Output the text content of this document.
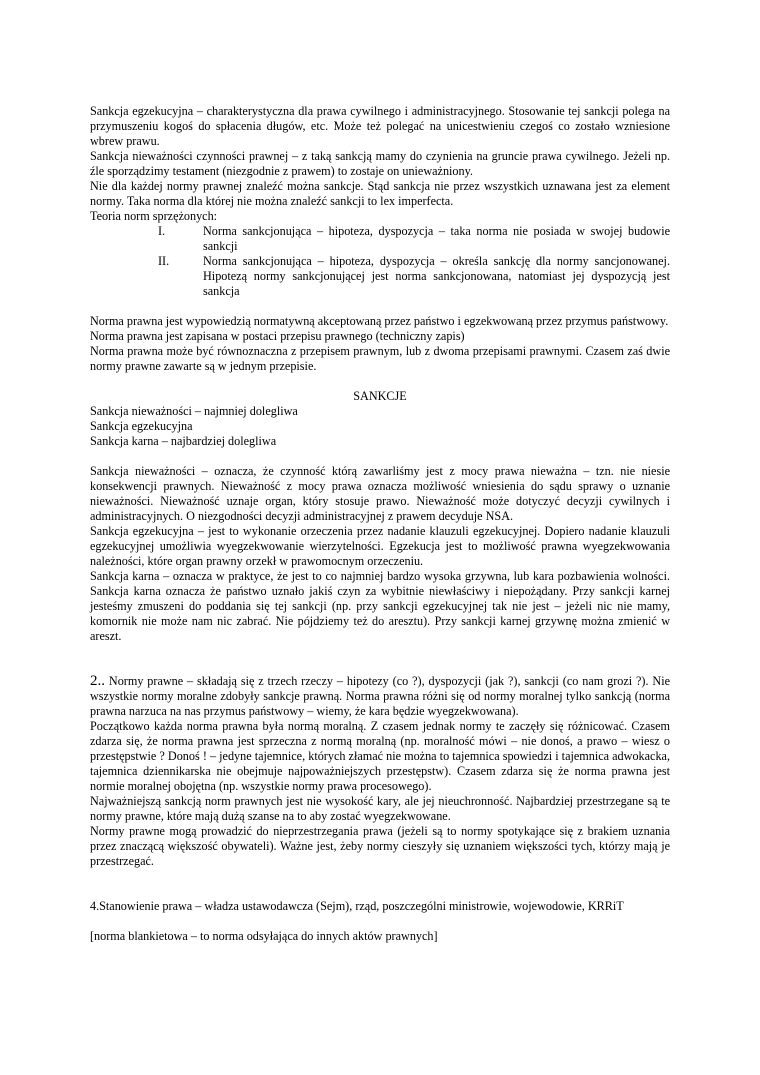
Sankcja egzekucyjna – charakterystyczna dla prawa cywilnego i administracyjnego. Stosowanie tej sankcji polega na przymuszeniu kogoś do spłacenia długów, etc. Może też polegać na unicestwieniu czegoś co zostało wzniesione wbrew prawu.

Sankcja nieważności czynności prawnej – z taką sankcją mamy do czynienia na gruncie prawa cywilnego. Jeżeli np. źle sporządzimy testament (niezgodnie z prawem) to zostaje on unieważniony.

Nie dla każdej normy prawnej znaleźć można sankcje. Stąd sankcja nie przez wszystkich uznawana jest za element normy. Taka norma dla której nie można znaleźć sankcji to lex imperfecta.

Teoria norm sprzężonych:

I.	Norma sankcjonująca – hipoteza, dyspozycja – taka norma nie posiada w swojej budowie sankcji
II.	Norma sankcjonująca – hipoteza, dyspozycja – określa sankcję dla normy sancjonowanej. Hipotezą normy sankcjonującej jest norma sankcjonowana, natomiast jej dyspozycją jest sankcja

Norma prawna jest wypowiedzią normatywną akceptowaną przez państwo i egzekwowaną przez przymus państwowy.

Norma prawna jest zapisana w postaci przepisu prawnego (techniczny zapis)

Norma prawna może być równoznaczna z przepisem prawnym, lub z dwoma przepisami prawnymi. Czasem zaś dwie normy prawne zawarte są w jednym przepisie.

SANKCJE

Sankcja nieważności – najmniej dolegliwa

Sankcja egzekucyjna

Sankcja karna – najbardziej dolegliwa

Sankcja nieważności – oznacza, że czynność którą zawarliśmy jest z mocy prawa nieważna – tzn. nie niesie konsekwencji prawnych. Nieważność z mocy prawa oznacza możliwość wniesienia do sądu sprawy o uznanie nieważności. Nieważność uznaje organ, który stosuje prawo. Nieważność może dotyczyć decyzji cywilnych i administracyjnych. O niezgodności decyzji administracyjnej z prawem decyduje NSA.

Sankcja egzekucyjna – jest to wykonanie orzeczenia przez nadanie klauzuli egzekucyjnej. Dopiero nadanie klauzuli egzekucyjnej umożliwia wyegzekwowanie wierzytelności. Egzekucja jest to możliwość prawna wyegzekwowania należności, które organ prawny orzekł w prawomocnym orzeczeniu.

Sankcja karna – oznacza w praktyce, że jest to co najmniej bardzo wysoka grzywna, lub kara pozbawienia wolności. Sankcja karna oznacza że państwo uznało jakiś czyn za wybitnie niewłaściwy i niepożądany. Przy sankcji karnej jesteśmy zmuszeni do poddania się tej sankcji (np. przy sankcji egzekucyjnej tak nie jest – jeżeli nic nie mamy, komornik nie może nam nic zabrać. Nie pójdziemy też do aresztu). Przy sankcji karnej grzywnę można zmienić w areszt.

2.. Normy prawne – składają się z trzech rzeczy – hipotezy (co ?), dyspozycji (jak ?), sankcji (co nam grozi ?). Nie wszystkie normy moralne zdobyły sankcje prawną. Norma prawna różni się od normy moralnej tylko sankcją (norma prawna narzuca na nas przymus państwowy – wiemy, że kara będzie wyegzekwowana).

Początkowo każda norma prawna była normą moralną. Z czasem jednak normy te zaczęły się różnicować. Czasem zdarza się, że norma prawna jest sprzeczna z normą moralną (np. moralność mówi – nie donoś, a prawo – wiesz o przestępstwie ? Donoś ! – jedyne tajemnice, których złamać nie można to tajemnica spowiedzi i tajemnica adwokacka, tajemnica dziennikarska nie obejmuje najpoważniejszych przestępstw). Czasem zdarza się że norma prawna jest normie moralnej obojętna (np. wszystkie normy prawa procesowego).

Najważniejszą sankcją norm prawnych jest nie wysokość kary, ale jej nieuchronność. Najbardziej przestrzegane są te normy prawne, które mają dużą szanse na to aby zostać wyegzekwowane.

Normy prawne mogą prowadzić do nieprzestrzegania prawa (jeżeli są to normy spotykające się z brakiem uznania przez znaczącą większość obywateli). Ważne jest, żeby normy cieszyły się uznaniem większości tych, którzy mają je przestrzegać.

4.Stanowienie prawa – władza ustawodawcza (Sejm), rząd, poszczególni ministrowie, wojewodowie, KRRiT

[norma blankietowa – to norma odsyłająca do innych aktów prawnych]
